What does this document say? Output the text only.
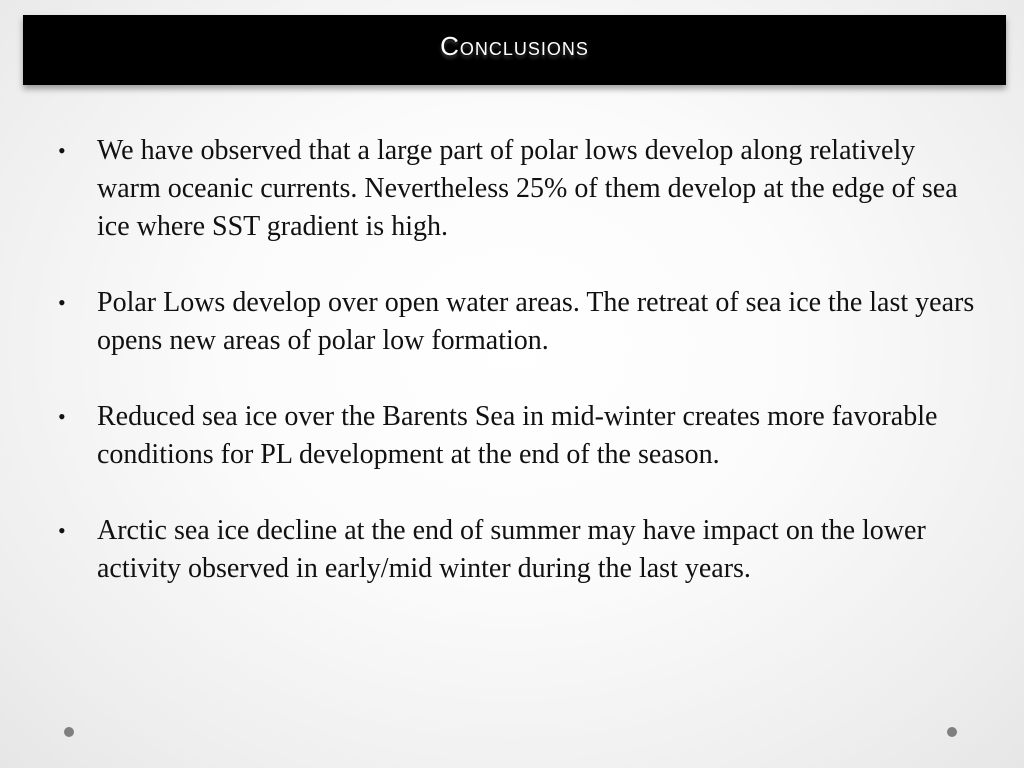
Conclusions
• We have observed that a large part of polar lows develop along relatively warm oceanic currents. Nevertheless 25% of them develop at the edge of sea ice where SST gradient is high.
• Polar Lows develop over open water areas. The retreat of sea ice the last years opens new areas of polar low formation.
• Reduced sea ice over the Barents Sea in mid-winter creates more favorable conditions for PL development at the end of the season.
• Arctic sea ice decline at the end of summer may have impact on the lower activity observed in early/mid winter during the last years.
